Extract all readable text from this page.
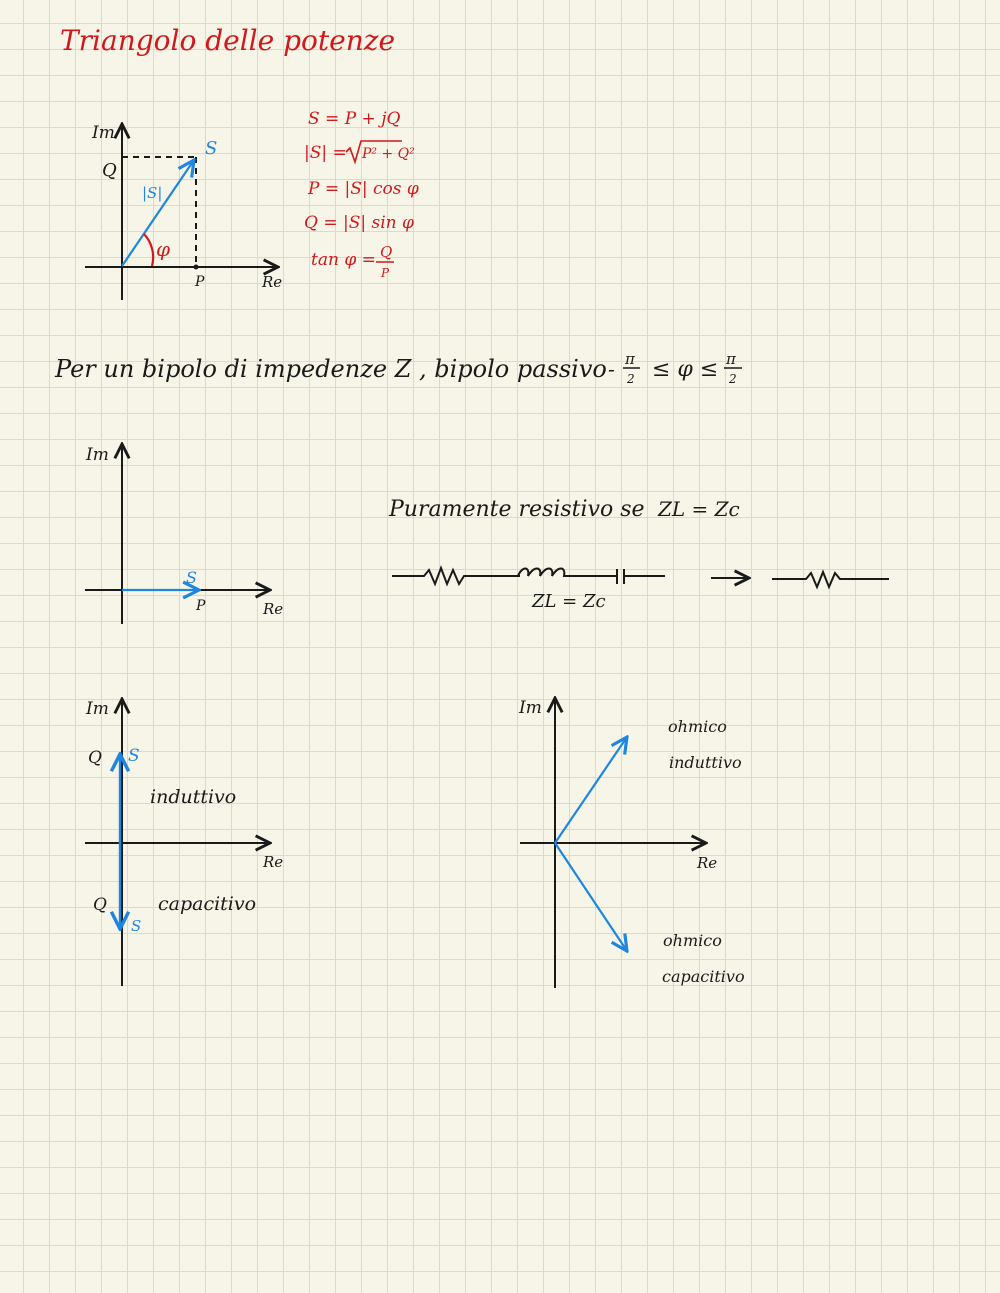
Triangolo delle potenze
Im
Q
S
|S|
φ
P	Re
S = P + jQ
|S| = P² + Q²
P = |S| cos φ
Q = |S| sin φ
tan φ = Q
P
Per un bipolo di impedenze Z , bipolo passivo - π
2 ≤ φ ≤ π
2
Im
S
P	Re
Puramente resistivo se ZL = Zc
ZL = Zc
Im
Q S
induttivo
Re
Q
S
capacitivo
Im
ohmico
induttivo
Re
ohmico
capacitivo
